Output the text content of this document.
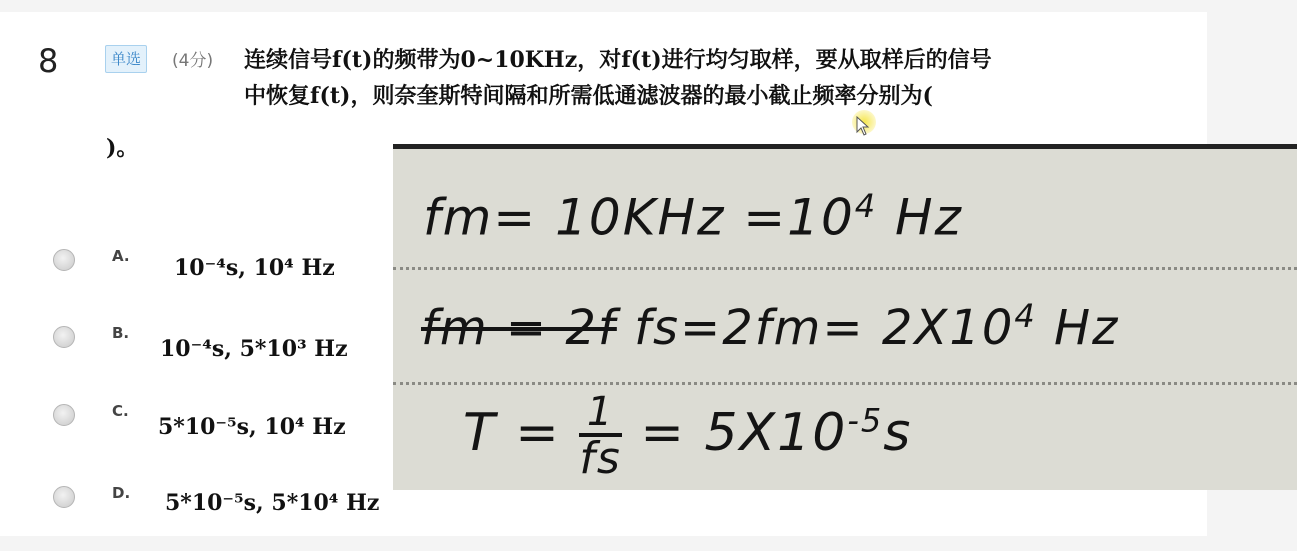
8	单选	(4分) 连续信号f(t)的频带为0~10KHz，对f(t)进行均匀取样，要从取样后的信号
中恢复f(t)，则奈奎斯特间隔和所需低通滤波器的最小截止频率分别为(
)。
A. 10⁻⁴s, 10⁴ Hz
B.
10⁻⁴s, 5*10³ Hz
C.
5*10⁻⁵s, 10⁴ Hz
D. 5*10⁻⁵s, 5*10⁴ Hz
$fm= 10KHz =10^4$ Hz
fm = 2f $fs=2fm= 2X10^4$ Hz
$T = \frac{1}{fs} = 5X10^{-5}s$
